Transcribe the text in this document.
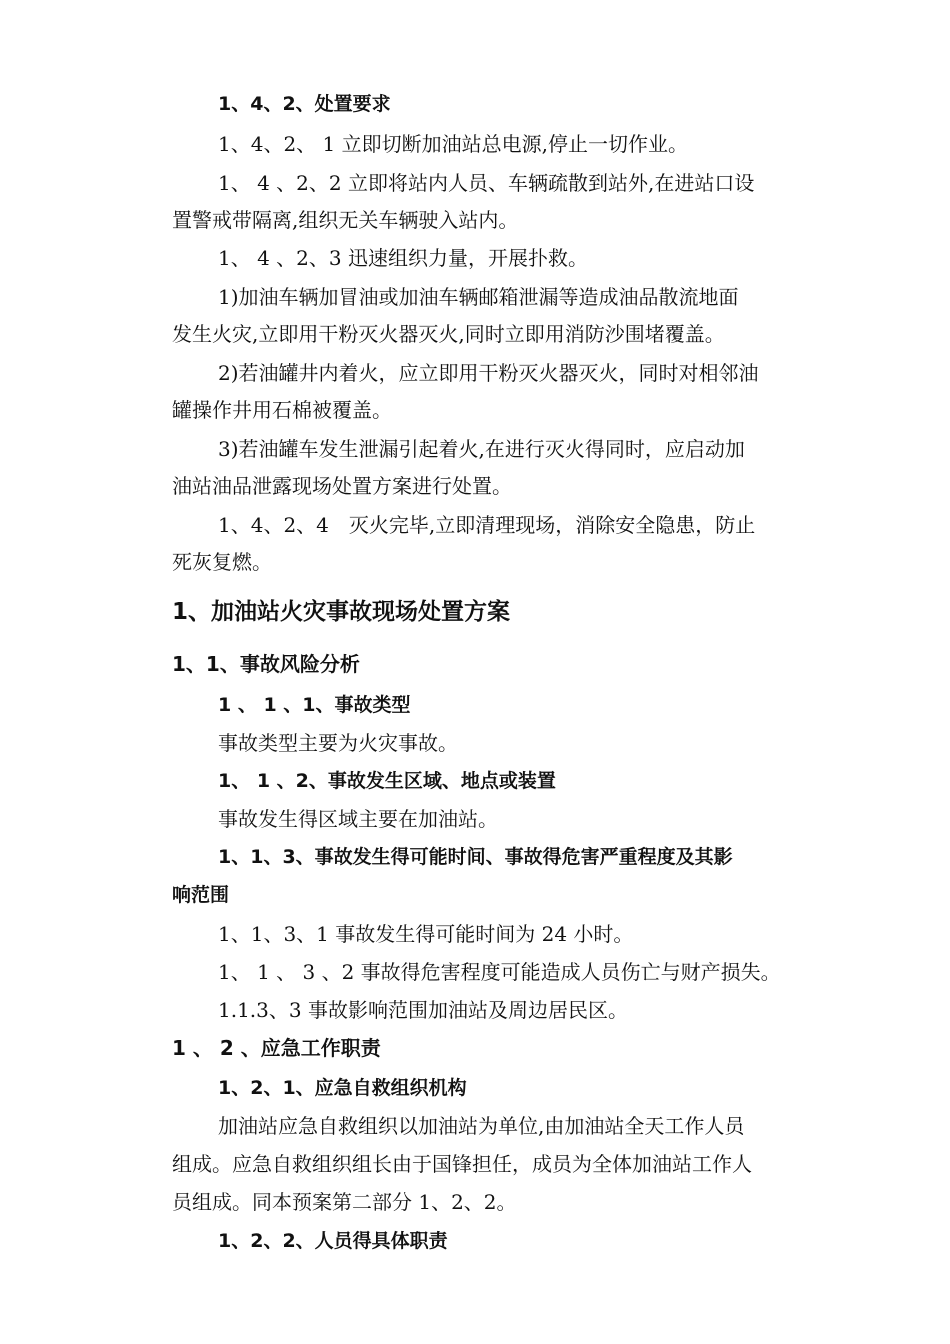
1、4、2、处置要求
1、4、2、 1 立即切断加油站总电源,停止一切作业。
1、 4 、2、2 立即将站内人员、车辆疏散到站外,在进站口设
置警戒带隔离,组织无关车辆驶入站内。
1、 4 、2、3 迅速组织力量，开展扑救。
1)加油车辆加冒油或加油车辆邮箱泄漏等造成油品散流地面
发生火灾,立即用干粉灭火器灭火,同时立即用消防沙围堵覆盖。
2)若油罐井内着火，应立即用干粉灭火器灭火，同时对相邻油
罐操作井用石棉被覆盖。
3)若油罐车发生泄漏引起着火,在进行灭火得同时，应启动加
油站油品泄露现场处置方案进行处置。
1、4、2、4　灭火完毕,立即清理现场，消除安全隐患，防止
死灰复燃。
1、加油站火灾事故现场处置方案
1、1、事故风险分析
1 、 1 、1、事故类型
事故类型主要为火灾事故。
1、 1 、2、事故发生区域、地点或装置
事故发生得区域主要在加油站。
1、1、3、事故发生得可能时间、事故得危害严重程度及其影
响范围
1、1、3、1 事故发生得可能时间为 24 小时。
1、 1 、 3 、2 事故得危害程度可能造成人员伤亡与财产损失。
1.1.3、3 事故影响范围加油站及周边居民区。
1 、 2 、应急工作职责
1、2、1、应急自救组织机构
加油站应急自救组织以加油站为单位,由加油站全天工作人员
组成。应急自救组织组长由于国锋担任，成员为全体加油站工作人
员组成。同本预案第二部分 1、2、2。
1、2、2、人员得具体职责
